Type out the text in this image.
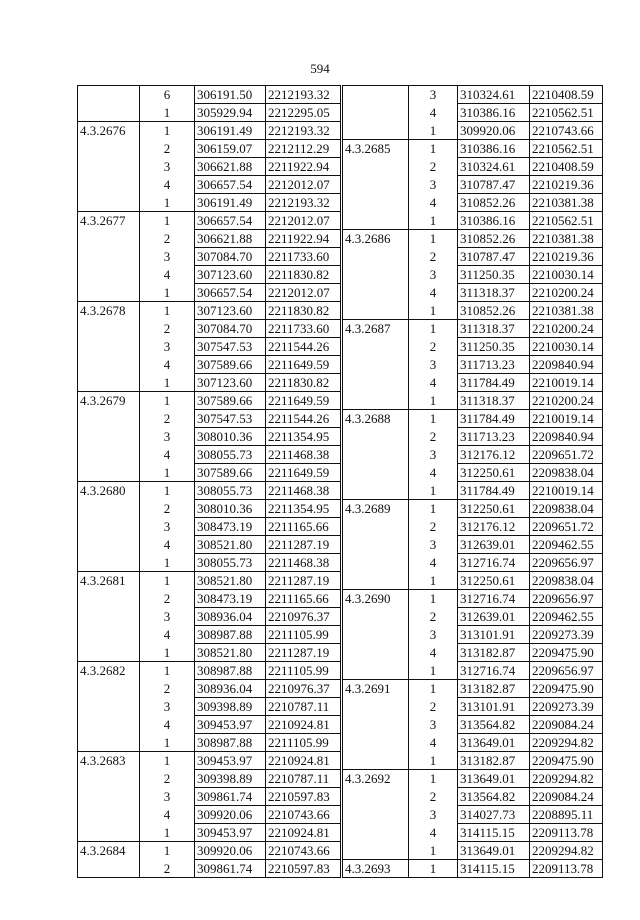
594
	6	306191.50	2212193.32
	1	305929.94	2212295.05
4.3.2676	1	306191.49	2212193.32
	2	306159.07	2212112.29
	3	306621.88	2211922.94
	4	306657.54	2212012.07
	1	306191.49	2212193.32
4.3.2677	1	306657.54	2212012.07
	2	306621.88	2211922.94
	3	307084.70	2211733.60
	4	307123.60	2211830.82
	1	306657.54	2212012.07
4.3.2678	1	307123.60	2211830.82
	2	307084.70	2211733.60
	3	307547.53	2211544.26
	4	307589.66	2211649.59
	1	307123.60	2211830.82
4.3.2679	1	307589.66	2211649.59
	2	307547.53	2211544.26
	3	308010.36	2211354.95
	4	308055.73	2211468.38
	1	307589.66	2211649.59
4.3.2680	1	308055.73	2211468.38
	2	308010.36	2211354.95
	3	308473.19	2211165.66
	4	308521.80	2211287.19
	1	308055.73	2211468.38
4.3.2681	1	308521.80	2211287.19
	2	308473.19	2211165.66
	3	308936.04	2210976.37
	4	308987.88	2211105.99
	1	308521.80	2211287.19
4.3.2682	1	308987.88	2211105.99
	2	308936.04	2210976.37
	3	309398.89	2210787.11
	4	309453.97	2210924.81
	1	308987.88	2211105.99
4.3.2683	1	309453.97	2210924.81
	2	309398.89	2210787.11
	3	309861.74	2210597.83
	4	309920.06	2210743.66
	1	309453.97	2210924.81
4.3.2684	1	309920.06	2210743.66
	2	309861.74	2210597.83
	3	310324.61	2210408.59
	4	310386.16	2210562.51
	1	309920.06	2210743.66
4.3.2685	1	310386.16	2210562.51
	2	310324.61	2210408.59
	3	310787.47	2210219.36
	4	310852.26	2210381.38
	1	310386.16	2210562.51
4.3.2686	1	310852.26	2210381.38
	2	310787.47	2210219.36
	3	311250.35	2210030.14
	4	311318.37	2210200.24
	1	310852.26	2210381.38
4.3.2687	1	311318.37	2210200.24
	2	311250.35	2210030.14
	3	311713.23	2209840.94
	4	311784.49	2210019.14
	1	311318.37	2210200.24
4.3.2688	1	311784.49	2210019.14
	2	311713.23	2209840.94
	3	312176.12	2209651.72
	4	312250.61	2209838.04
	1	311784.49	2210019.14
4.3.2689	1	312250.61	2209838.04
	2	312176.12	2209651.72
	3	312639.01	2209462.55
	4	312716.74	2209656.97
	1	312250.61	2209838.04
4.3.2690	1	312716.74	2209656.97
	2	312639.01	2209462.55
	3	313101.91	2209273.39
	4	313182.87	2209475.90
	1	312716.74	2209656.97
4.3.2691	1	313182.87	2209475.90
	2	313101.91	2209273.39
	3	313564.82	2209084.24
	4	313649.01	2209294.82
	1	313182.87	2209475.90
4.3.2692	1	313649.01	2209294.82
	2	313564.82	2209084.24
	3	314027.73	2208895.11
	4	314115.15	2209113.78
	1	313649.01	2209294.82
4.3.2693	1	314115.15	2209113.78
